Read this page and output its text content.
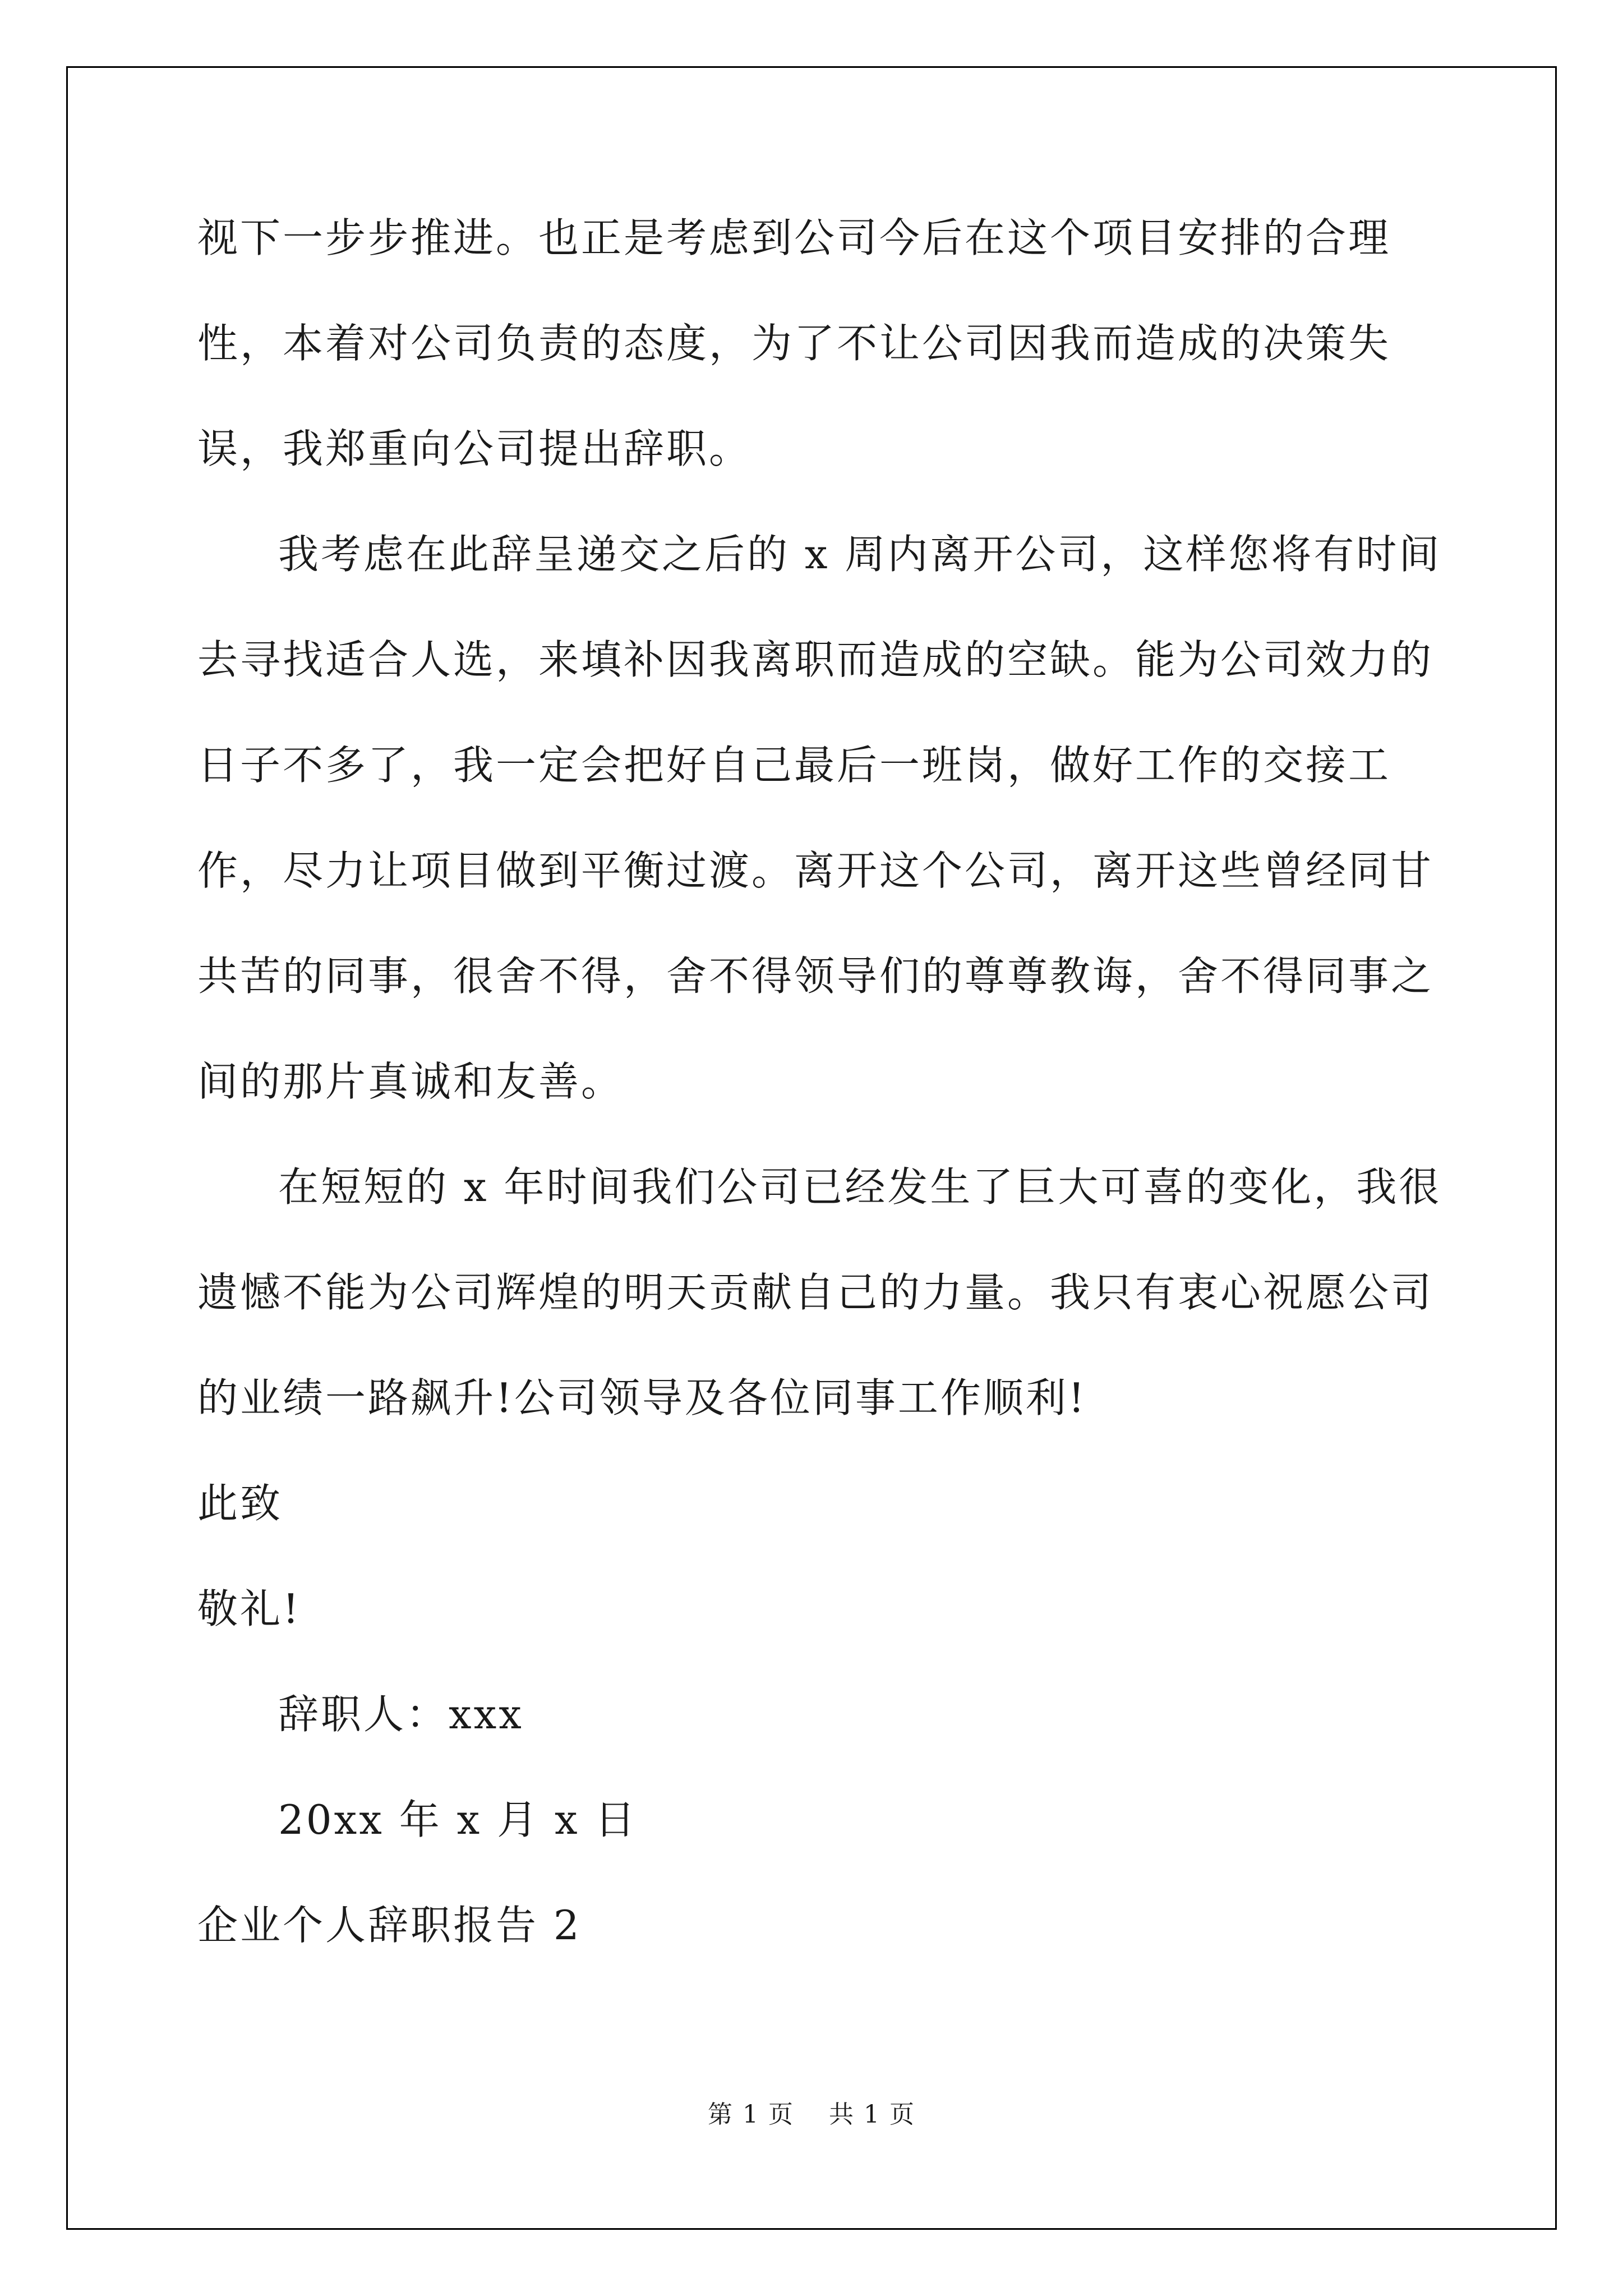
视下一步步推进。也正是考虑到公司今后在这个项目安排的合理性，本着对公司负责的态度，为了不让公司因我而造成的决策失误，我郑重向公司提出辞职。

我考虑在此辞呈递交之后的 x 周内离开公司，这样您将有时间去寻找适合人选，来填补因我离职而造成的空缺。能为公司效力的日子不多了，我一定会把好自己最后一班岗，做好工作的交接工作，尽力让项目做到平衡过渡。离开这个公司，离开这些曾经同甘共苦的同事，很舍不得，舍不得领导们的尊尊教诲，舍不得同事之间的那片真诚和友善。

在短短的 x 年时间我们公司已经发生了巨大可喜的变化，我很遗憾不能为公司辉煌的明天贡献自己的力量。我只有衷心祝愿公司的业绩一路飙升!公司领导及各位同事工作顺利!

此致

敬礼!

辞职人：xxx

20xx 年 x 月 x 日

企业个人辞职报告 2

第 1 页　 共 1 页
